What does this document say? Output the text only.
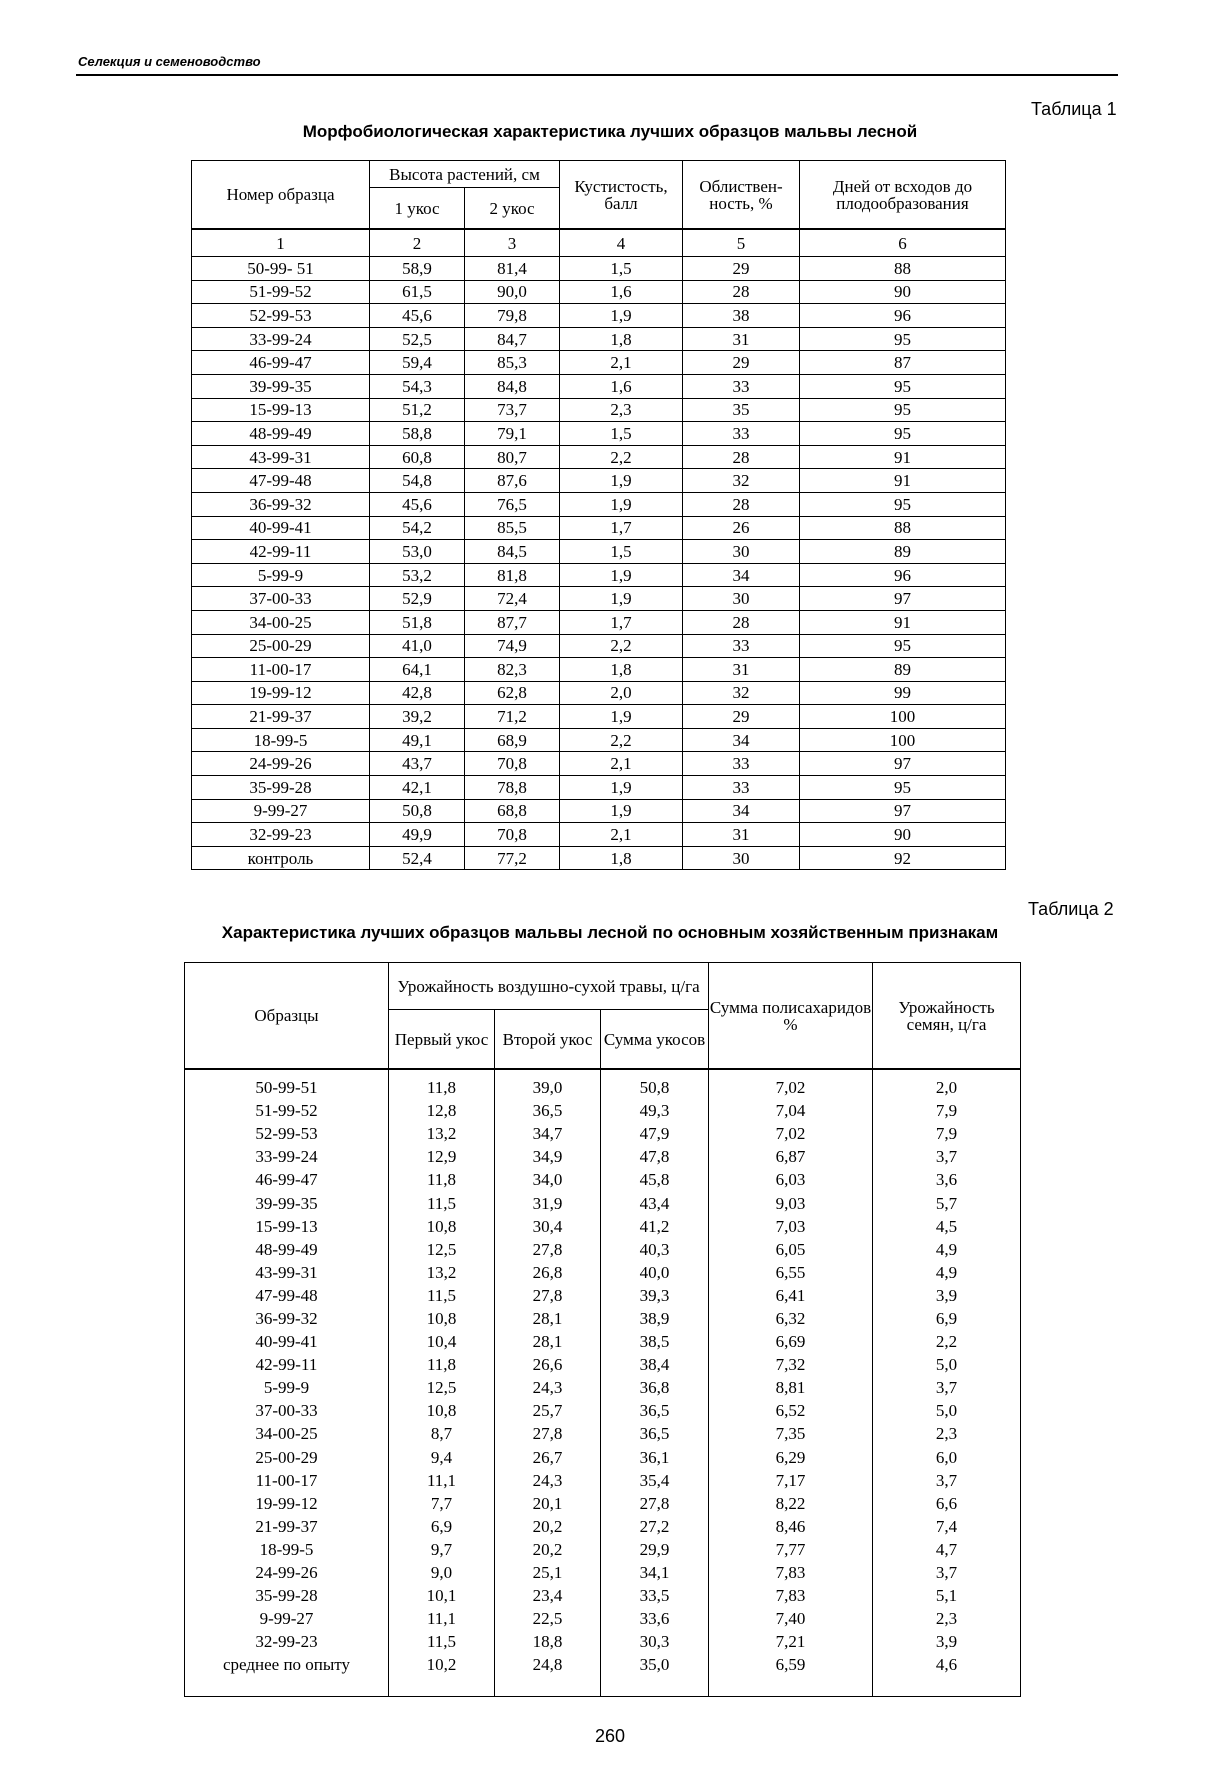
Селекция и семеноводство
Таблица 1
Морфобиологическая характеристика лучших образцов мальвы лесной
Номер образца	Высота растений, см		Кустистость, балл	Облиствен-ность, %	Дней от всходов до плодообразования
	1 укос	2 укос			
1	2	3	4	5	6
50-99- 51	58,9	81,4	1,5	29	88
51-99-52	61,5	90,0	1,6	28	90
52-99-53	45,6	79,8	1,9	38	96
33-99-24	52,5	84,7	1,8	31	95
46-99-47	59,4	85,3	2,1	29	87
39-99-35	54,3	84,8	1,6	33	95
15-99-13	51,2	73,7	2,3	35	95
48-99-49	58,8	79,1	1,5	33	95
43-99-31	60,8	80,7	2,2	28	91
47-99-48	54,8	87,6	1,9	32	91
36-99-32	45,6	76,5	1,9	28	95
40-99-41	54,2	85,5	1,7	26	88
42-99-11	53,0	84,5	1,5	30	89
5-99-9	53,2	81,8	1,9	34	96
37-00-33	52,9	72,4	1,9	30	97
34-00-25	51,8	87,7	1,7	28	91
25-00-29	41,0	74,9	2,2	33	95
11-00-17	64,1	82,3	1,8	31	89
19-99-12	42,8	62,8	2,0	32	99
21-99-37	39,2	71,2	1,9	29	100
18-99-5	49,1	68,9	2,2	34	100
24-99-26	43,7	70,8	2,1	33	97
35-99-28	42,1	78,8	1,9	33	95
9-99-27	50,8	68,8	1,9	34	97
32-99-23	49,9	70,8	2,1	31	90
контроль	52,4	77,2	1,8	30	92
Таблица 2
Характеристика лучших образцов мальвы лесной по основным хозяйственным признакам
Образцы	Урожайность воздушно-сухой травы, ц/га			Сумма полисахаридов %	Урожайность семян, ц/га
	Первый укос	Второй укос	Сумма укосов		
50-99-51	11,8	39,0	50,8	7,02	2,0
51-99-52	12,8	36,5	49,3	7,04	7,9
52-99-53	13,2	34,7	47,9	7,02	7,9
33-99-24	12,9	34,9	47,8	6,87	3,7
46-99-47	11,8	34,0	45,8	6,03	3,6
39-99-35	11,5	31,9	43,4	9,03	5,7
15-99-13	10,8	30,4	41,2	7,03	4,5
48-99-49	12,5	27,8	40,3	6,05	4,9
43-99-31	13,2	26,8	40,0	6,55	4,9
47-99-48	11,5	27,8	39,3	6,41	3,9
36-99-32	10,8	28,1	38,9	6,32	6,9
40-99-41	10,4	28,1	38,5	6,69	2,2
42-99-11	11,8	26,6	38,4	7,32	5,0
5-99-9	12,5	24,3	36,8	8,81	3,7
37-00-33	10,8	25,7	36,5	6,52	5,0
34-00-25	8,7	27,8	36,5	7,35	2,3
25-00-29	9,4	26,7	36,1	6,29	6,0
11-00-17	11,1	24,3	35,4	7,17	3,7
19-99-12	7,7	20,1	27,8	8,22	6,6
21-99-37	6,9	20,2	27,2	8,46	7,4
18-99-5	9,7	20,2	29,9	7,77	4,7
24-99-26	9,0	25,1	34,1	7,83	3,7
35-99-28	10,1	23,4	33,5	7,83	5,1
9-99-27	11,1	22,5	33,6	7,40	2,3
32-99-23	11,5	18,8	30,3	7,21	3,9
среднее по опыту	10,2	24,8	35,0	6,59	4,6
260
